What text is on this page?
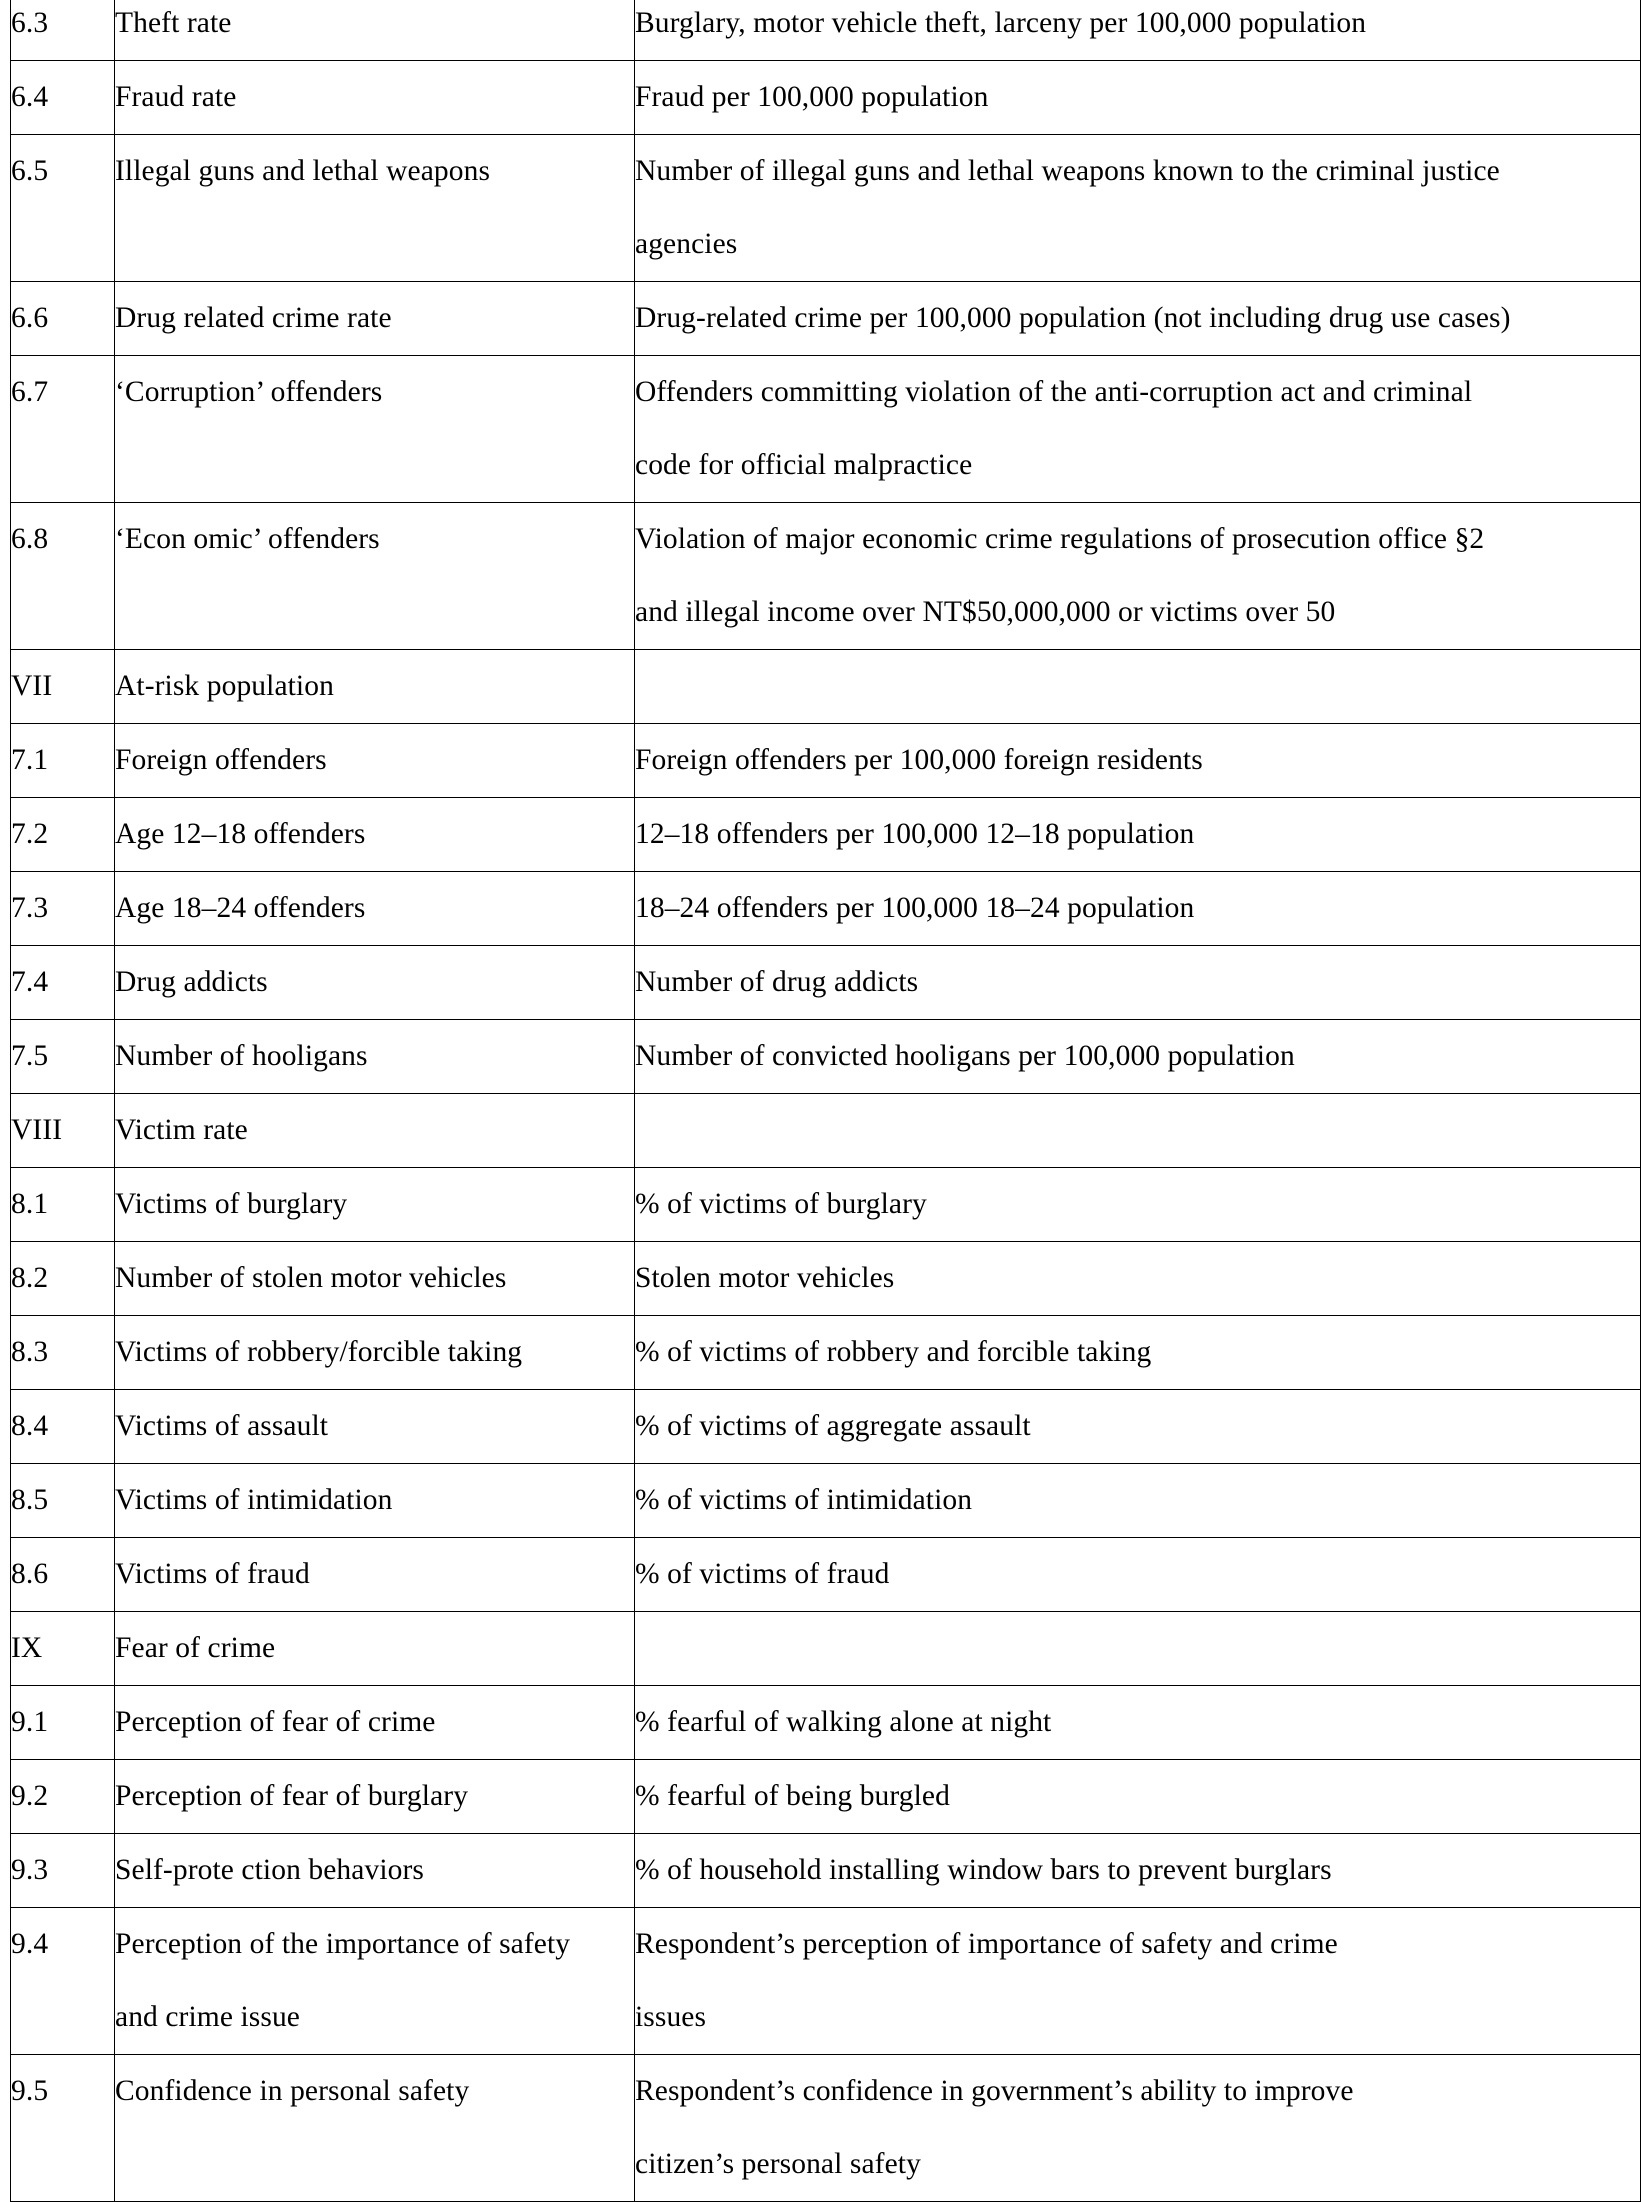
6.3	Theft rate	Burglary, motor vehicle theft, larceny per 100,000 population

6.4	Fraud rate	Fraud per 100,000 population

6.5	Illegal guns and lethal weapons	Number of illegal guns and lethal weapons known to the criminal justice
agencies

6.6	Drug related crime rate	Drug-related crime per 100,000 population (not including drug use cases)

6.7	‘Corruption’ offenders	Offenders committing violation of the anti-corruption act and criminal
code for official malpractice

6.8	‘Econ omic’ offenders	Violation of major economic crime regulations of prosecution office §2
and illegal income over NT$50,000,000 or victims over 50

VII	At-risk population	

7.1	Foreign offenders	Foreign offenders per 100,000 foreign residents

7.2	Age 12–18 offenders	12–18 offenders per 100,000 12–18 population

7.3	Age 18–24 offenders	18–24 offenders per 100,000 18–24 population

7.4	Drug addicts	Number of drug addicts

7.5	Number of hooligans	Number of convicted hooligans per 100,000 population

VIII	Victim rate	

8.1	Victims of burglary	% of victims of burglary

8.2	Number of stolen motor vehicles	Stolen motor vehicles

8.3	Victims of robbery/forcible taking	% of victims of robbery and forcible taking

8.4	Victims of assault	% of victims of aggregate assault

8.5	Victims of intimidation	% of victims of intimidation

8.6	Victims of fraud	% of victims of fraud

IX	Fear of crime	

9.1	Perception of fear of crime	% fearful of walking alone at night

9.2	Perception of fear of burglary	% fearful of being burgled

9.3	Self-prote ction behaviors	% of household installing window bars to prevent burglars

9.4	Perception of the importance of safety
and crime issue	Respondent’s perception of importance of safety and crime
issues

9.5	Confidence in personal safety	Respondent’s confidence in government’s ability to improve
citizen’s personal safety
